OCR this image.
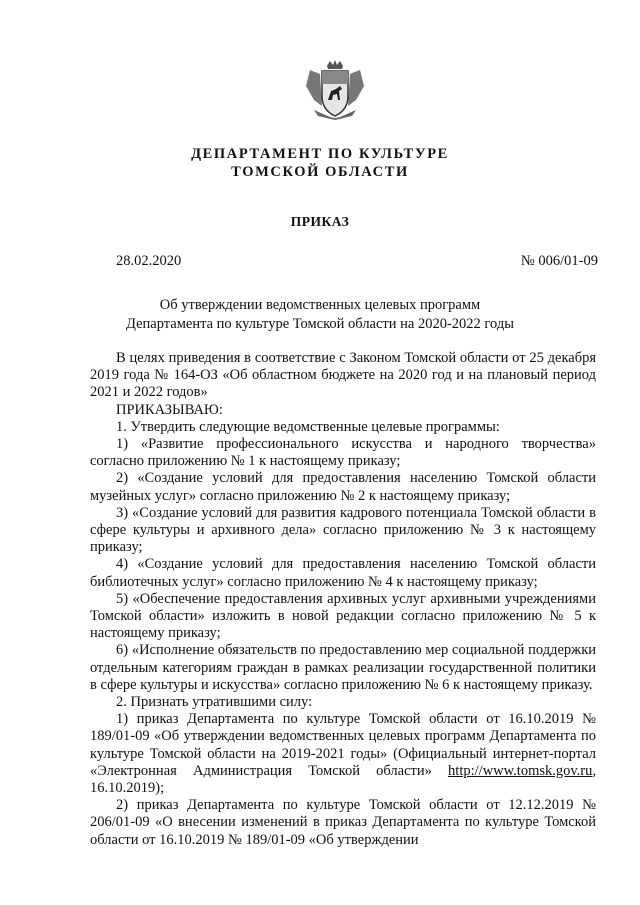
ДЕПАРТАМЕНТ ПО КУЛЬТУРЕ
ТОМСКОЙ ОБЛАСТИ
ПРИКАЗ
28.02.2020	№ 006/01-09
Об утверждении ведомственных целевых программ
Департамента по культуре Томской области на 2020-2022 годы

В целях приведения в соответствие с Законом Томской области от 25 декабря 2019 года № 164-ОЗ «Об областном бюджете на 2020 год и на плановый период 2021 и 2022 годов»

ПРИКАЗЫВАЮ:

1. Утвердить следующие ведомственные целевые программы:

1) «Развитие профессионального искусства и народного творчества» согласно приложению № 1 к настоящему приказу;

2) «Создание условий для предоставления населению Томской области музейных услуг» согласно приложению № 2 к настоящему приказу;

3) «Создание условий для развития кадрового потенциала Томской области в сфере культуры и архивного дела» согласно приложению № 3 к настоящему приказу;

4) «Создание условий для предоставления населению Томской области библиотечных услуг» согласно приложению № 4 к настоящему приказу;

5) «Обеспечение предоставления архивных услуг архивными учреждениями Томской области» изложить в новой редакции согласно приложению № 5 к настоящему приказу;

6) «Исполнение обязательств по предоставлению мер социальной поддержки отдельным категориям граждан в рамках реализации государственной политики в сфере культуры и искусства» согласно приложению № 6 к настоящему приказу.

2. Признать утратившими силу:

1) приказ Департамента по культуре Томской области от 16.10.2019 № 189/01-09 «Об утверждении ведомственных целевых программ Департамента по культуре Томской области на 2019-2021 годы» (Официальный интернет-портал «Электронная Администрация Томской области» http://www.tomsk.gov.ru, 16.10.2019);

2) приказ Департамента по культуре Томской области от 12.12.2019 № 206/01-09 «О внесении изменений в приказ Департамента по культуре Томской области от 16.10.2019 № 189/01-09 «Об утверждении
